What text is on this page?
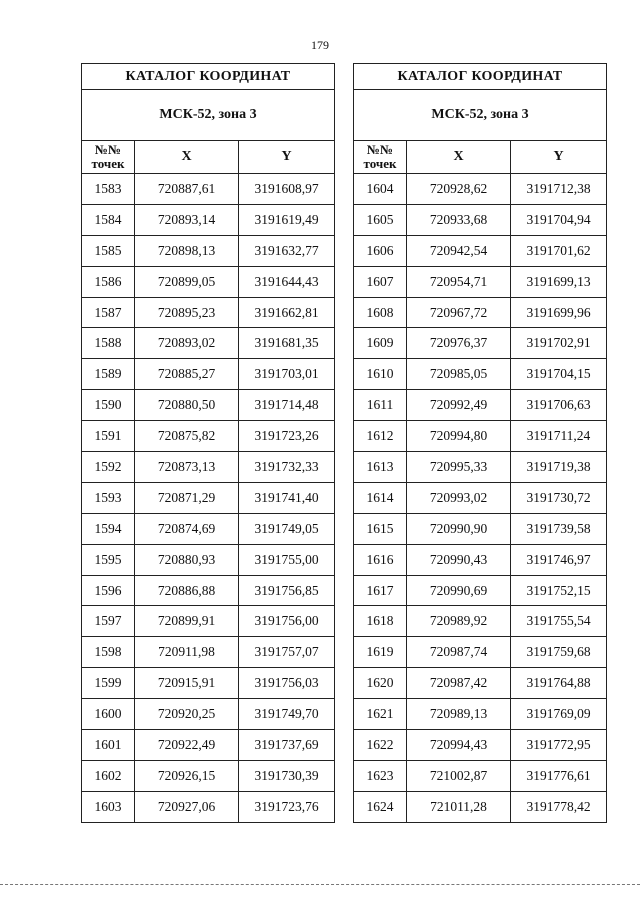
179
КАТАЛОГ КООРДИНАТ		
МСК-52, зона 3		
№№ точек	X	Y
1583	720887,61	3191608,97
1584	720893,14	3191619,49
1585	720898,13	3191632,77
1586	720899,05	3191644,43
1587	720895,23	3191662,81
1588	720893,02	3191681,35
1589	720885,27	3191703,01
1590	720880,50	3191714,48
1591	720875,82	3191723,26
1592	720873,13	3191732,33
1593	720871,29	3191741,40
1594	720874,69	3191749,05
1595	720880,93	3191755,00
1596	720886,88	3191756,85
1597	720899,91	3191756,00
1598	720911,98	3191757,07
1599	720915,91	3191756,03
1600	720920,25	3191749,70
1601	720922,49	3191737,69
1602	720926,15	3191730,39
1603	720927,06	3191723,76
КАТАЛОГ КООРДИНАТ		
МСК-52, зона 3		
№№ точек	X	Y
1604	720928,62	3191712,38
1605	720933,68	3191704,94
1606	720942,54	3191701,62
1607	720954,71	3191699,13
1608	720967,72	3191699,96
1609	720976,37	3191702,91
1610	720985,05	3191704,15
1611	720992,49	3191706,63
1612	720994,80	3191711,24
1613	720995,33	3191719,38
1614	720993,02	3191730,72
1615	720990,90	3191739,58
1616	720990,43	3191746,97
1617	720990,69	3191752,15
1618	720989,92	3191755,54
1619	720987,74	3191759,68
1620	720987,42	3191764,88
1621	720989,13	3191769,09
1622	720994,43	3191772,95
1623	721002,87	3191776,61
1624	721011,28	3191778,42
